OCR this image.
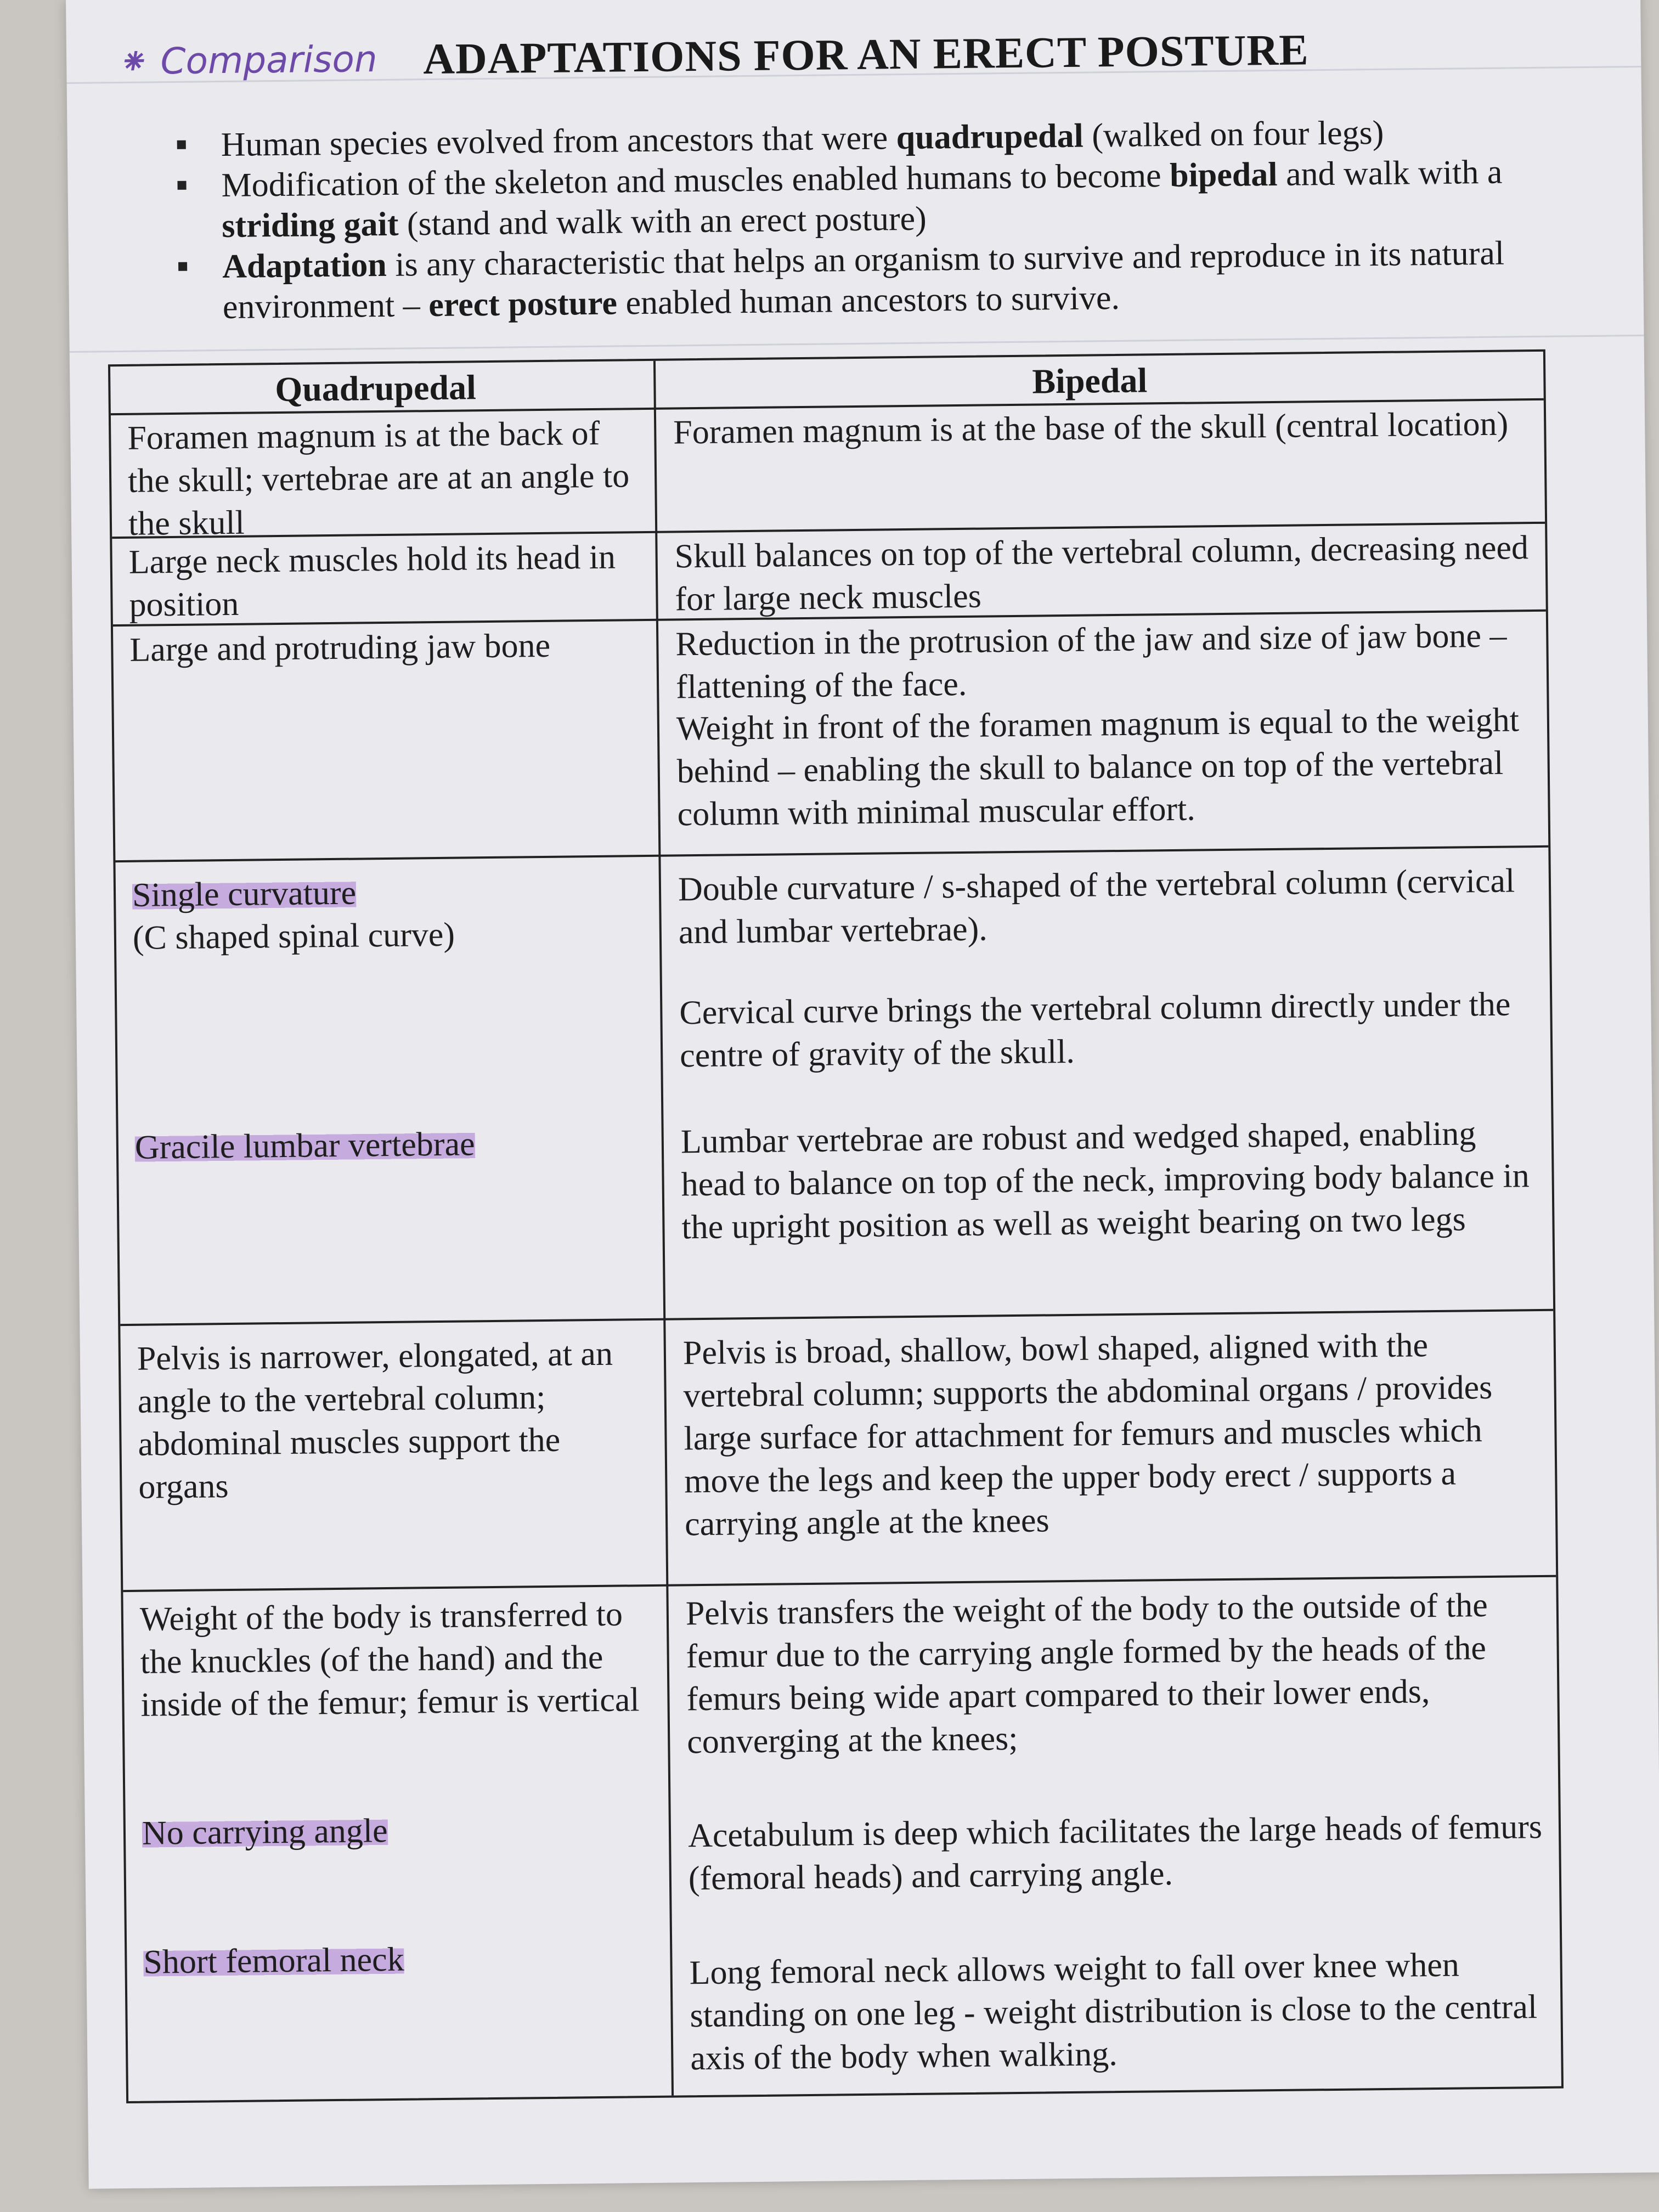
⁕ Comparison ADAPTATIONS FOR AN ERECT POSTURE
Human species evolved from ancestors that were quadrupedal (walked on four legs)
Modification of the skeleton and muscles enabled humans to become bipedal and walk with a striding gait (stand and walk with an erect posture)
Adaptation is any characteristic that helps an organism to survive and reproduce in its natural environment – erect posture enabled human ancestors to survive.
Quadrupedal	Bipedal

Foramen magnum is at the back of the skull; vertebrae are at an angle to the skull

Foramen magnum is at the base of the skull (central location)

Large neck muscles hold its head in position

Skull balances on top of the vertebral column, decreasing need for large neck muscles

Large and protruding jaw bone	Reduction in the protrusion of the jaw and size of jaw bone – flattening of the face.

Weight in front of the foramen magnum is equal to the weight behind – enabling the skull to balance on top of the vertebral column with minimal muscular effort.

Single curvature

(C shaped spinal curve)

Gracile lumbar vertebrae

Double curvature / s-shaped of the vertebral column (cervical and lumbar vertebrae).

Cervical curve brings the vertebral column directly under the centre of gravity of the skull.

Lumbar vertebrae are robust and wedged shaped, enabling head to balance on top of the neck, improving body balance in the upright position as well as weight bearing on two legs

Pelvis is narrower, elongated, at an angle to the vertebral column; abdominal muscles support the organs

Pelvis is broad, shallow, bowl shaped, aligned with the vertebral column; supports the abdominal organs / provides large surface for attachment for femurs and muscles which move the legs and keep the upper body erect / supports a carrying angle at the knees

Weight of the body is transferred to the knuckles (of the hand) and the inside of the femur; femur is vertical

No carrying angle

Short femoral neck

Pelvis transfers the weight of the body to the outside of the femur due to the carrying angle formed by the heads of the femurs being wide apart compared to their lower ends, converging at the knees;

Acetabulum is deep which facilitates the large heads of femurs (femoral heads) and carrying angle.

Long femoral neck allows weight to fall over knee when standing on one leg - weight distribution is close to the central axis of the body when walking.
